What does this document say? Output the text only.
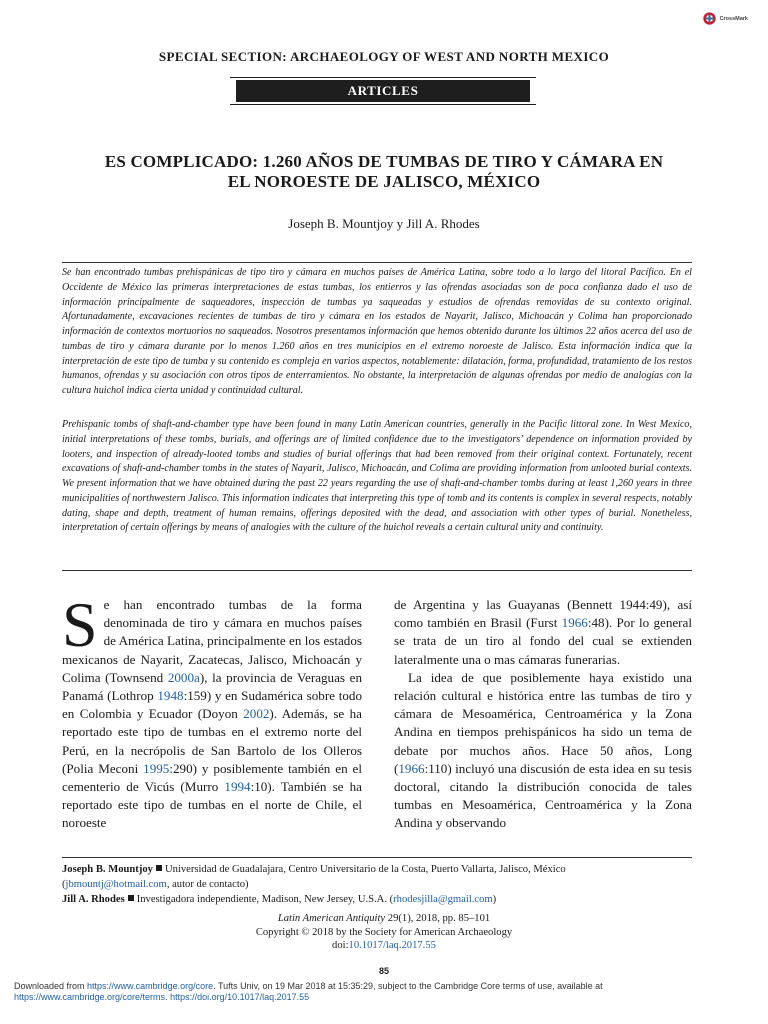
CrossMark
SPECIAL SECTION: ARCHAEOLOGY OF WEST AND NORTH MEXICO
ARTICLES
ES COMPLICADO: 1.260 AÑOS DE TUMBAS DE TIRO Y CÁMARA EN
EL NOROESTE DE JALISCO, MÉXICO
Joseph B. Mountjoy y Jill A. Rhodes

Se han encontrado tumbas prehispánicas de tipo tiro y cámara en muchos países de América Latina, sobre todo a lo largo del litoral Pacífico. En el Occidente de México las primeras interpretaciones de estas tumbas, los entierros y las ofrendas asociadas son de poca confianza dado el uso de información principalmente de saqueadores, inspección de tumbas ya saqueadas y estudios de ofrendas removidas de su contexto original. Afortunadamente, excavaciones recientes de tumbas de tiro y cámara en los estados de Nayarit, Jalisco, Michoacán y Colima han proporcionado información de contextos mortuorios no saqueados. Nosotros presentamos información que hemos obtenido durante los últimos 22 años acerca del uso de tumbas de tiro y cámara durante por lo menos 1.260 años en tres municipios en el extremo noroeste de Jalisco. Esta información indica que la interpretación de este tipo de tumba y su contenido es compleja en varios aspectos, notablemente: dilatación, forma, profundidad, tratamiento de los restos humanos, ofrendas y su asociación con otros tipos de enterramientos. No obstante, la interpretación de algunas ofrendas por medio de analogías con la cultura huichol indica cierta unidad y continuidad cultural.

Prehispanic tombs of shaft-and-chamber type have been found in many Latin American countries, generally in the Pacific littoral zone. In West Mexico, initial interpretations of these tombs, burials, and offerings are of limited confidence due to the investigators’ dependence on information provided by looters, and inspection of already-looted tombs and studies of burial offerings that had been removed from their original context. Fortunately, recent excavations of shaft-and-chamber tombs in the states of Nayarit, Jalisco, Michoacán, and Colima are providing information from unlooted burial contexts. We present information that we have obtained during the past 22 years regarding the use of shaft-and-chamber tombs during at least 1,260 years in three municipalities of northwestern Jalisco. This information indicates that interpreting this type of tomb and its contents is complex in several respects, notably dating, shape and depth, treatment of human remains, offerings deposited with the dead, and association with other types of burial. Nonetheless, interpretation of certain offerings by means of analogies with the culture of the huichol reveals a certain cultural unity and continuity.

Se han encontrado tumbas de la forma denominada de tiro y cámara en muchos países de América Latina, principalmente en los estados mexicanos de Nayarit, Zacatecas, Jalisco, Michoacán y Colima (Townsend 2000a), la provincia de Veraguas en Panamá (Lothrop 1948:159) y en Sudamérica sobre todo en Colombia y Ecuador (Doyon 2002). Además, se ha reportado este tipo de tumbas en el extremo norte del Perú, en la necrópolis de San Bartolo de los Olleros (Polia Meconi 1995:290) y posiblemente también en el cementerio de Vicús (Murro 1994:10). También se ha reportado este tipo de tumbas en el norte de Chile, el noroeste

de Argentina y las Guayanas (Bennett 1944:49), así como también en Brasil (Furst 1966:48). Por lo general se trata de un tiro al fondo del cual se extienden lateralmente una o mas cámaras funerarias.

La idea de que posiblemente haya existido una relación cultural e histórica entre las tumbas de tiro y cámara de Mesoamérica, Centroamérica y la Zona Andina en tiempos prehispánicos ha sido un tema de debate por muchos años. Hace 50 años, Long (1966:110) incluyó una discusión de esta idea en su tesis doctoral, citando la distribución conocida de tales tumbas en Mesoamérica, Centroamérica y la Zona Andina y observando

Joseph B. Mountjoy Universidad de Guadalajara, Centro Universitario de la Costa, Puerto Vallarta, Jalisco, México

(jbmountj@hotmail.com, autor de contacto)

Jill A. Rhodes Investigadora independiente, Madison, New Jersey, U.S.A. (rhodesjilla@gmail.com)

Latin American Antiquity 29(1), 2018, pp. 85–101

Copyright © 2018 by the Society for American Archaeology

doi:10.1017/laq.2017.55

85

Downloaded from https://www.cambridge.org/core. Tufts Univ, on 19 Mar 2018 at 15:35:29, subject to the Cambridge Core terms of use, available at

https://www.cambridge.org/core/terms. https://doi.org/10.1017/laq.2017.55
